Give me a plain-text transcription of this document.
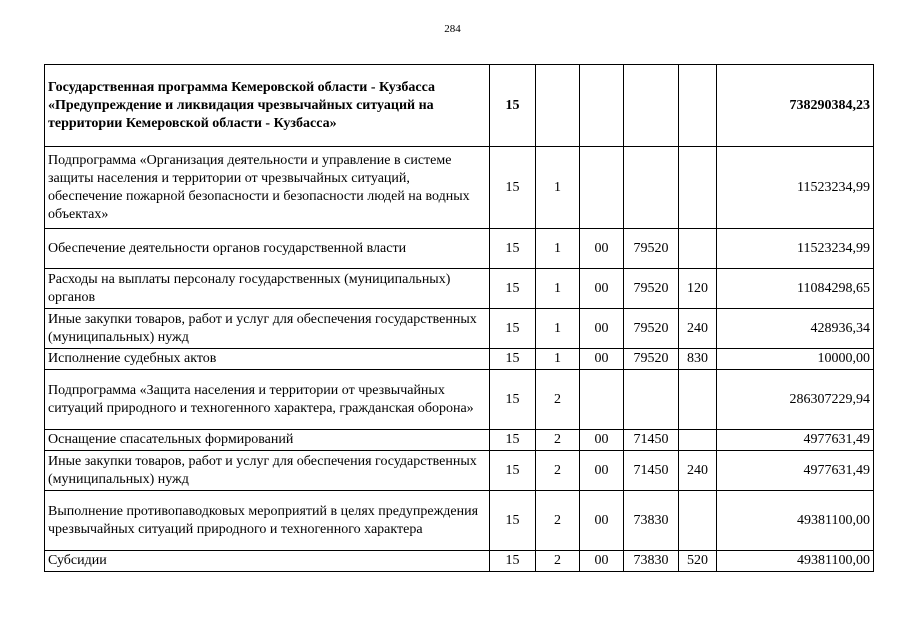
284
Государственная программа Кемеровской области - Кузбасса «Предупреждение и ликвидация чрезвычайных ситуаций на территории Кемеровской области - Кузбасса»	15					738290384,23
Подпрограмма «Организация деятельности и управление в системе защиты населения и территории от чрезвычайных ситуаций, обеспечение пожарной безопасности и безопасности людей на водных объектах»	15	1				11523234,99
Обеспечение деятельности органов государственной власти	15	1	00	79520		11523234,99
Расходы на выплаты персоналу государственных (муниципальных) органов	15	1	00	79520	120	11084298,65
Иные закупки товаров, работ и услуг для обеспечения государственных (муниципальных) нужд	15	1	00	79520	240	428936,34
Исполнение судебных актов	15	1	00	79520	830	10000,00
Подпрограмма «Защита населения и территории от чрезвычайных ситуаций природного и техногенного характера, гражданская оборона»	15	2				286307229,94
Оснащение спасательных формирований	15	2	00	71450		4977631,49
Иные закупки товаров, работ и услуг для обеспечения государственных (муниципальных) нужд	15	2	00	71450	240	4977631,49
Выполнение противопаводковых мероприятий в целях предупреждения чрезвычайных ситуаций природного и техногенного характера	15	2	00	73830		49381100,00
Субсидии	15	2	00	73830	520	49381100,00
